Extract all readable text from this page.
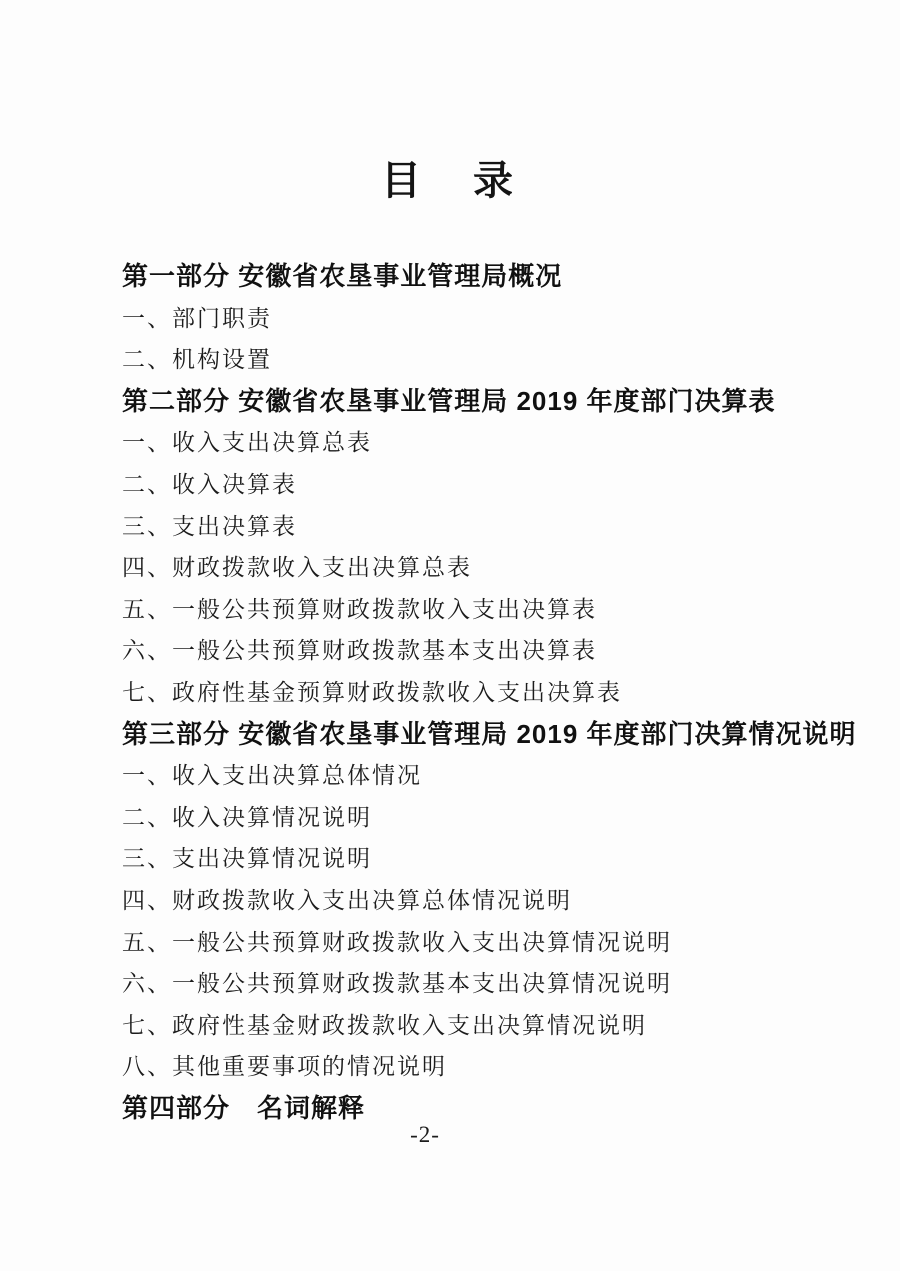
目　录
第一部分 安徽省农垦事业管理局概况
一、部门职责
二、机构设置
第二部分 安徽省农垦事业管理局 2019 年度部门决算表
一、收入支出决算总表
二、收入决算表
三、支出决算表
四、财政拨款收入支出决算总表
五、一般公共预算财政拨款收入支出决算表
六、一般公共预算财政拨款基本支出决算表
七、政府性基金预算财政拨款收入支出决算表
第三部分 安徽省农垦事业管理局 2019 年度部门决算情况说明
一、收入支出决算总体情况
二、收入决算情况说明
三、支出决算情况说明
四、财政拨款收入支出决算总体情况说明
五、一般公共预算财政拨款收入支出决算情况说明
六、一般公共预算财政拨款基本支出决算情况说明
七、政府性基金财政拨款收入支出决算情况说明
八、其他重要事项的情况说明
第四部分　名词解释
-2-
